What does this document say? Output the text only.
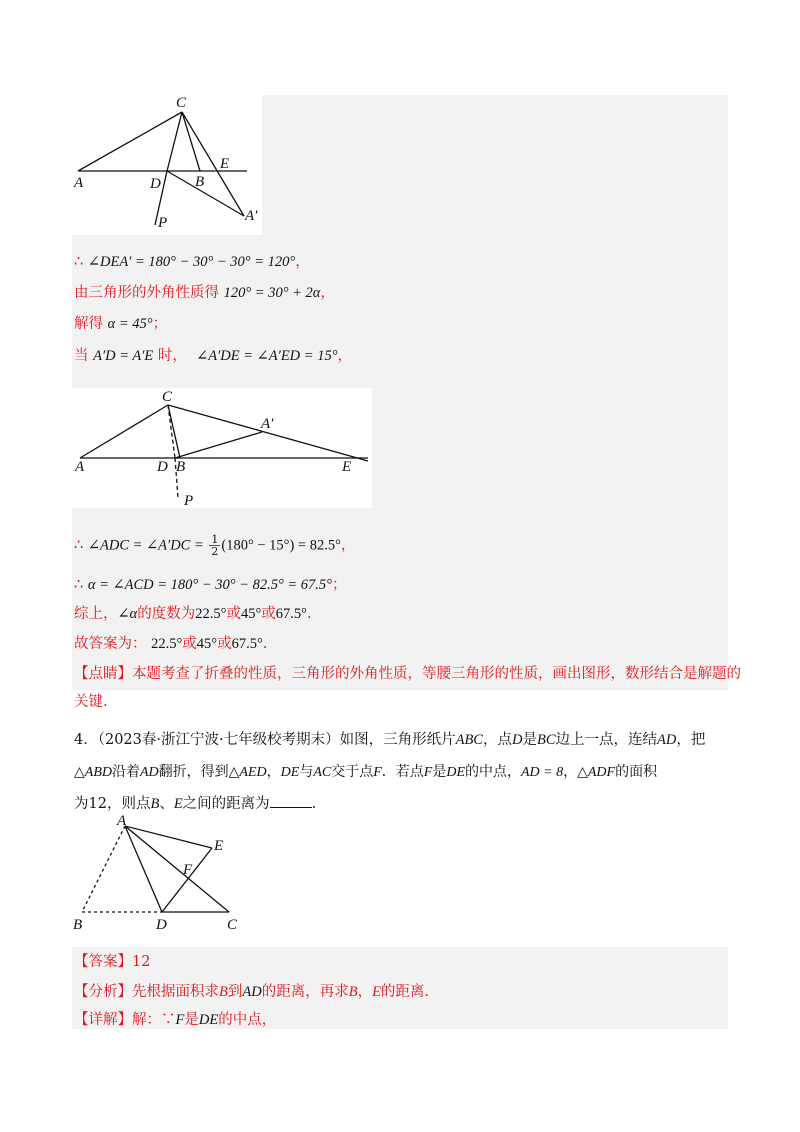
C
A	D B
E
A′
P
∴ ∠DEA′ = 180° − 30° − 30° = 120°，
由三角形的外角性质得 120° = 30° + 2α，
解得 α = 45°；
当 A′D = A′E 时， ∠A′DE = ∠A′ED = 15°，
C
A′
A	D B	E
P
∴ ∠ADC = ∠A′DC = $\frac{1}{2} (180^\circ - 15^\circ) = 82.5^\circ$，
∴ α = ∠ACD = 180° − 30° − 82.5° = 67.5°；
综上，∠α的度数为22.5°或45°或67.5°.
故答案为： 22.5°或45°或67.5°.
【点睛】本题考查了折叠的性质，三角形的外角性质，等腰三角形的性质，画出图形，数形结合是解题的
关键.
4．（2023春·浙江宁波·七年级校考期末）如图，三角形纸片ABC，点D是BC边上一点，连结AD，把
△ABD沿着AD翻折，得到△AED，DE与AC交于点F．若点F是DE的中点，AD = 8，△ADF的面积
为12，则点B、E之间的距离为	.
A
E
F
B	D	C
【答案】12
【分析】先根据面积求B到AD的距离，再求B，E的距离.
【详解】解：∵F是DE的中点，
